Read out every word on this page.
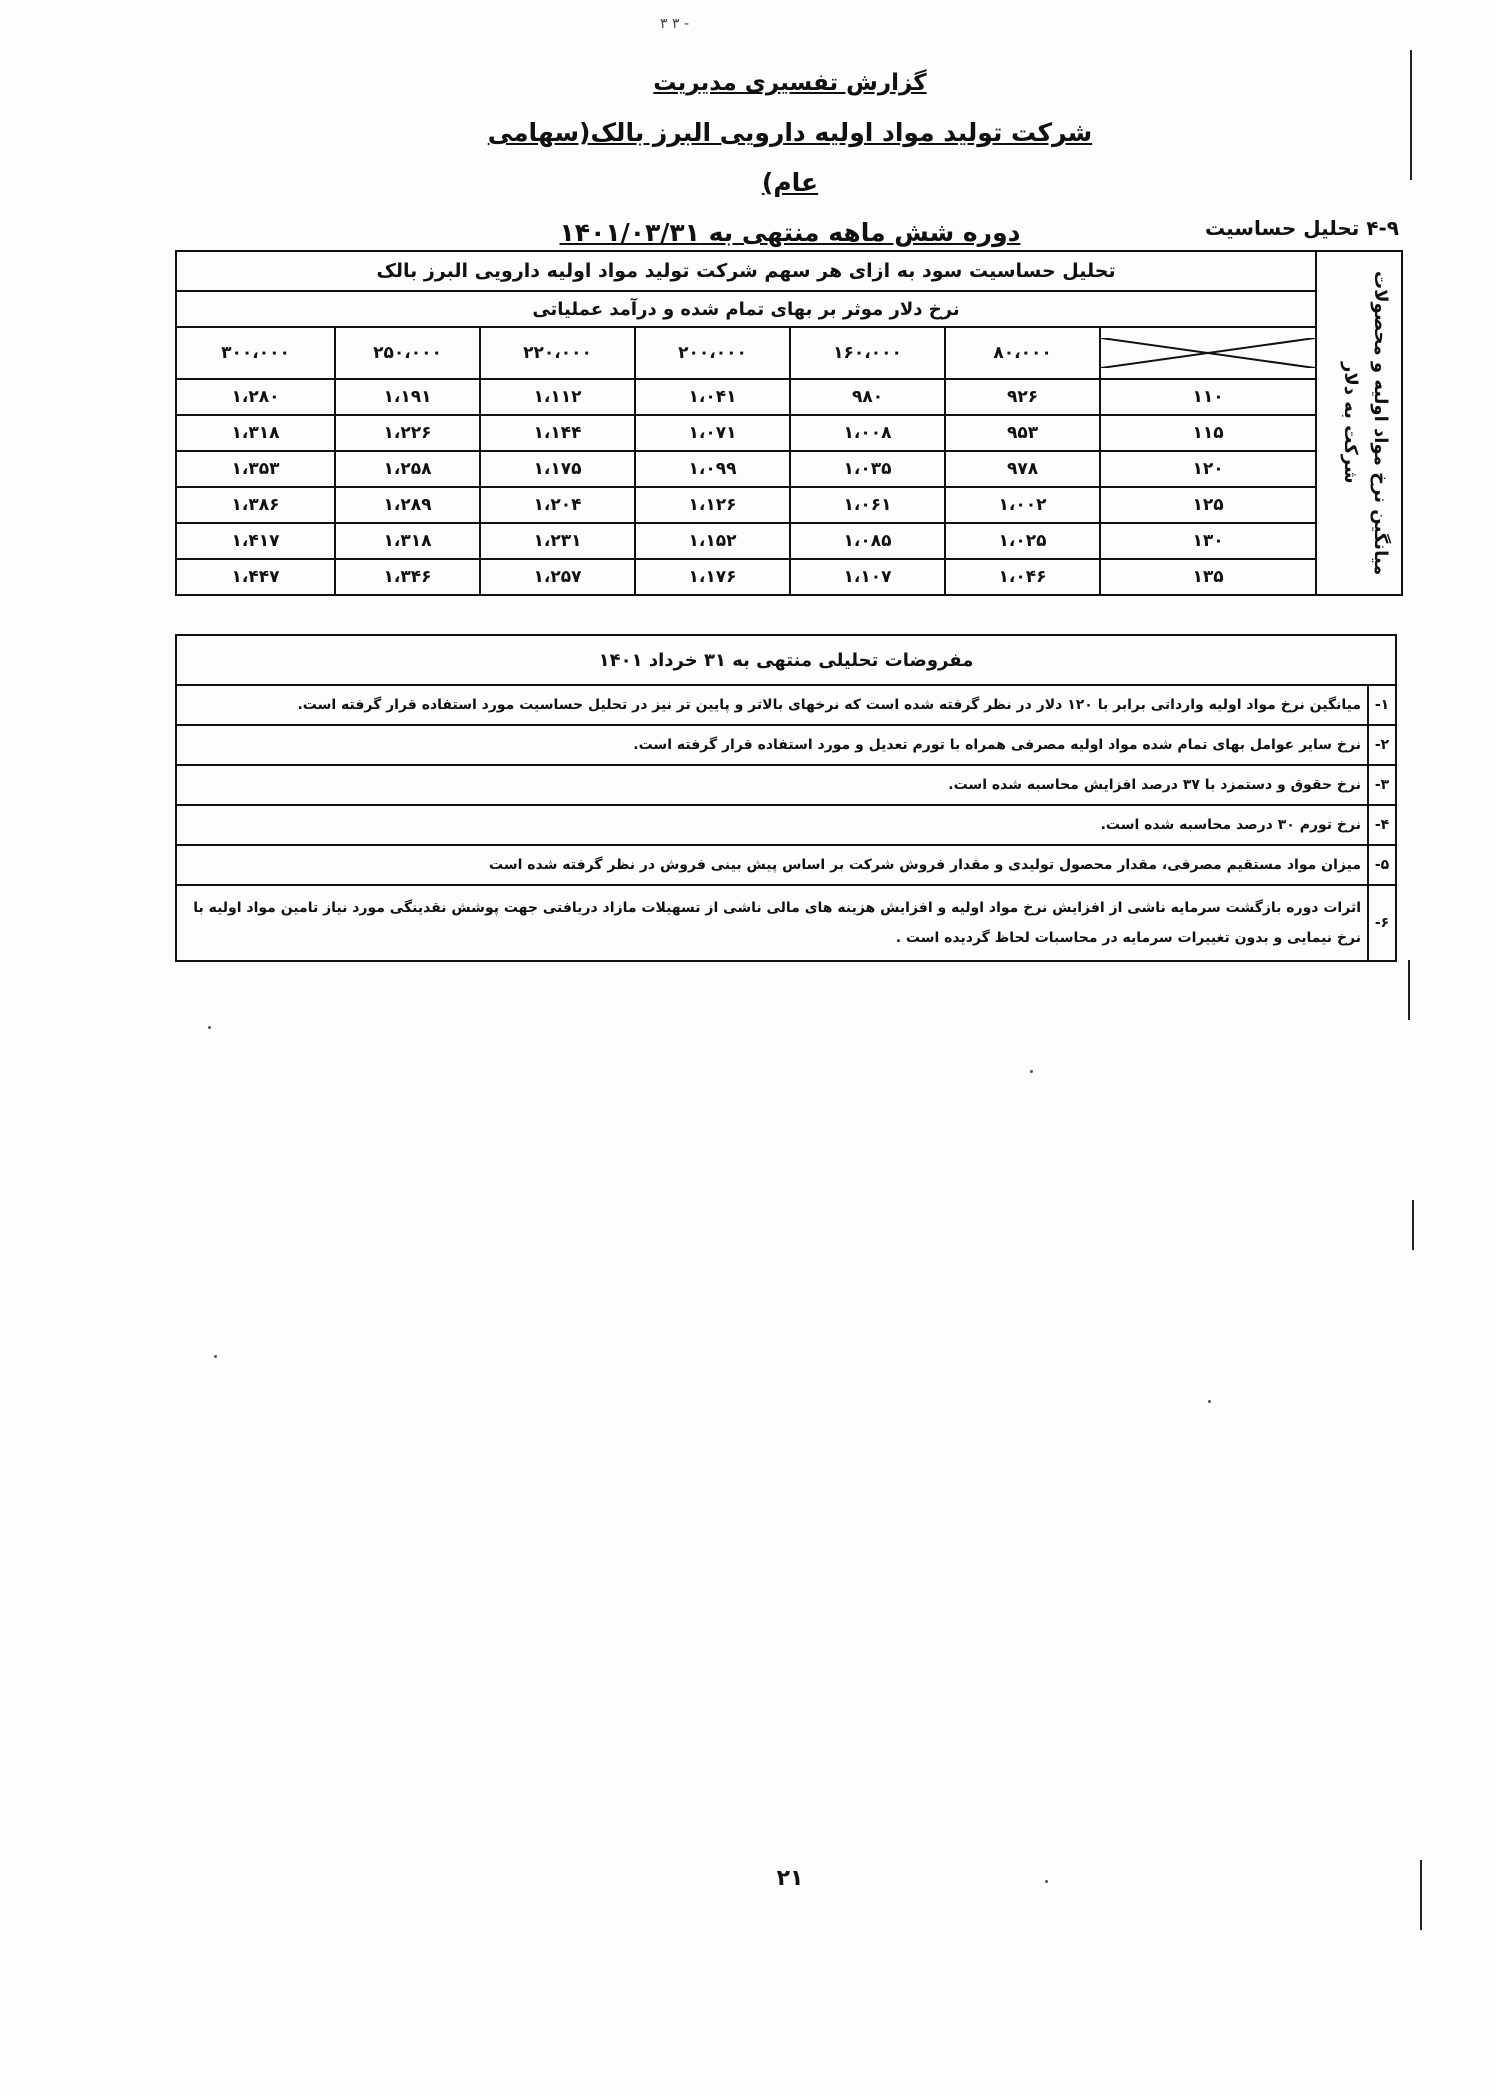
۳ ۳ -
گزارش تفسیری مدیریت
شرکت تولید مواد اولیه دارویی البرز بالک(سهامی عام)
دوره شش ماهه منتهی به ۱۴۰۱/۰۳/۳۱	۴-۹ تحلیل حساسیت
میانگین نرخ مواد اولیه و محصولات شرکت به دلار	تحلیل حساسیت سود به ازای هر سهم شرکت تولید مواد اولیه دارویی البرز بالک						
	نرخ دلار موثر بر بهای تمام شده و درآمد عملیاتی						

	۸۰،۰۰۰	۱۶۰،۰۰۰	۲۰۰،۰۰۰	۲۲۰،۰۰۰	۲۵۰،۰۰۰	۳۰۰،۰۰۰
	۱۱۰	۹۲۶	۹۸۰	۱،۰۴۱	۱،۱۱۲	۱،۱۹۱	۱،۲۸۰
	۱۱۵	۹۵۳	۱،۰۰۸	۱،۰۷۱	۱،۱۴۴	۱،۲۲۶	۱،۳۱۸
	۱۲۰	۹۷۸	۱،۰۳۵	۱،۰۹۹	۱،۱۷۵	۱،۲۵۸	۱،۳۵۳
	۱۲۵	۱،۰۰۲	۱،۰۶۱	۱،۱۲۶	۱،۲۰۴	۱،۲۸۹	۱،۳۸۶
	۱۳۰	۱،۰۲۵	۱،۰۸۵	۱،۱۵۲	۱،۲۳۱	۱،۳۱۸	۱،۴۱۷
	۱۳۵	۱،۰۴۶	۱،۱۰۷	۱،۱۷۶	۱،۲۵۷	۱،۳۴۶	۱،۴۴۷
مفروضات تحلیلی منتهی به ۳۱ خرداد ۱۴۰۱	
۱-	میانگین نرخ مواد اولیه وارداتی برابر با ۱۲۰ دلار در نظر گرفته شده است که نرخهای بالاتر و پایین تر نیز در تحلیل حساسیت مورد استفاده قرار گرفته است.
۲-	نرخ سایر عوامل بهای تمام شده مواد اولیه مصرفی همراه با تورم تعدیل و مورد استفاده قرار گرفته است.
۳-	نرخ حقوق و دستمزد با ۳۷ درصد افزایش محاسبه شده است.
۴-	نرخ تورم ۳۰ درصد محاسبه شده است.
۵-	میزان مواد مستقیم مصرفی، مقدار محصول تولیدی و مقدار فروش شرکت بر اساس پیش بینی فروش در نظر گرفته شده است
۶-	اثرات دوره بازگشت سرمایه ناشی از افزایش نرخ مواد اولیه و افزایش هزینه های مالی ناشی از تسهیلات مازاد دریافتی جهت پوشش نقدینگی مورد نیاز تامین مواد اولیه با نرخ نیمایی و بدون تغییرات سرمایه در محاسبات لحاظ گردیده است .
۲۱
